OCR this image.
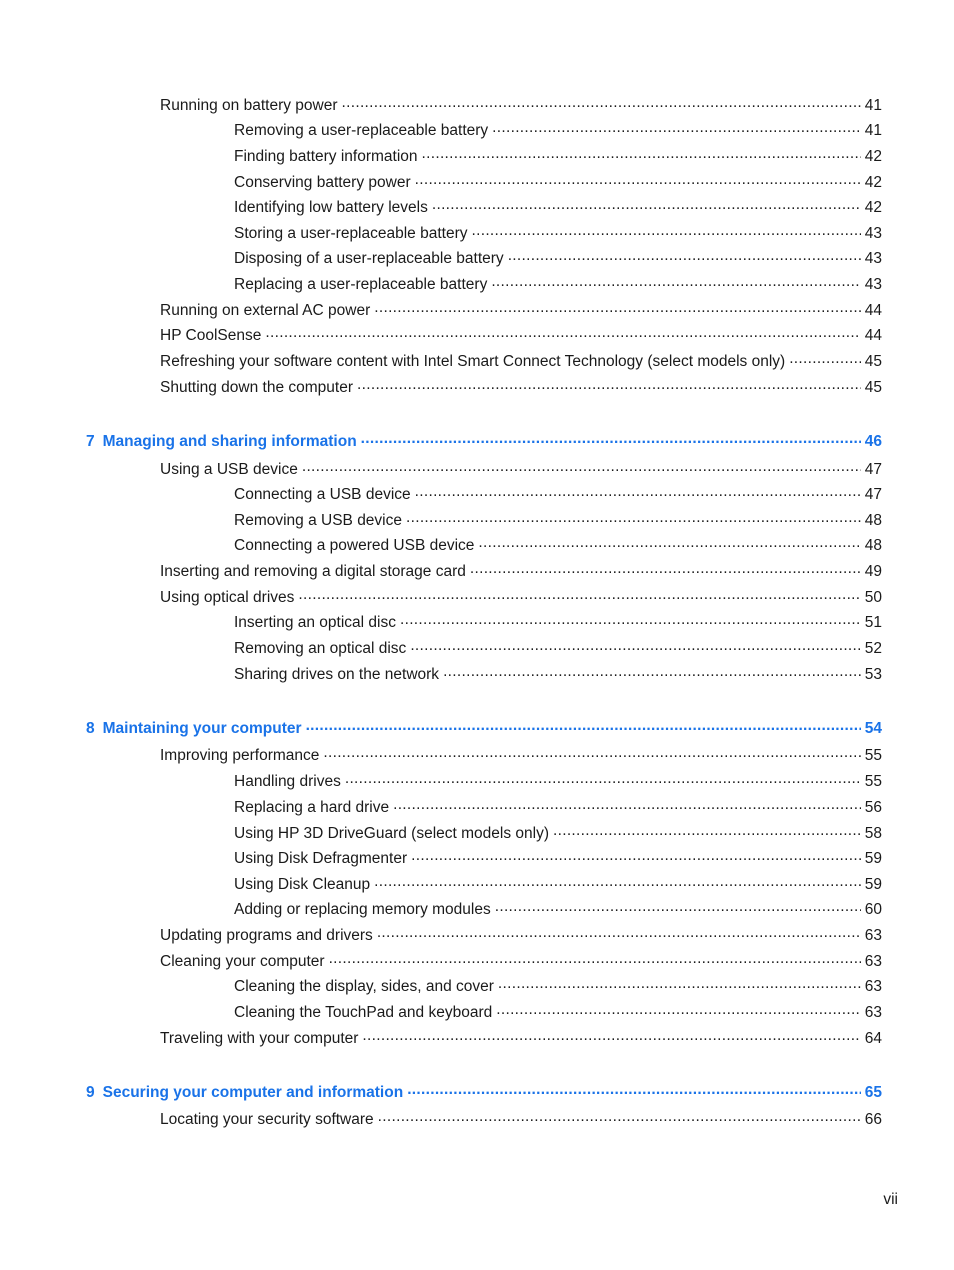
Running on battery power .....	41
Removing a user-replaceable battery .....	41
Finding battery information .....	42
Conserving battery power .....	42
Identifying low battery levels .....	42
Storing a user-replaceable battery .....	43
Disposing of a user-replaceable battery .....	43
Replacing a user-replaceable battery .....	43
Running on external AC power .....	44
HP CoolSense .....	44
Refreshing your software content with Intel Smart Connect Technology (select models only) .....	45
Shutting down the computer .....	45
7 Managing and sharing information .....	46
Using a USB device .....	47
Connecting a USB device .....	47
Removing a USB device .....	48
Connecting a powered USB device .....	48
Inserting and removing a digital storage card .....	49
Using optical drives .....	50
Inserting an optical disc .....	51
Removing an optical disc .....	52
Sharing drives on the network .....	53
8 Maintaining your computer .....	54
Improving performance .....	55
Handling drives .....	55
Replacing a hard drive .....	56
Using HP 3D DriveGuard (select models only) .....	58
Using Disk Defragmenter .....	59
Using Disk Cleanup .....	59
Adding or replacing memory modules .....	60
Updating programs and drivers .....	63
Cleaning your computer .....	63
Cleaning the display, sides, and cover .....	63
Cleaning the TouchPad and keyboard .....	63
Traveling with your computer .....	64
9 Securing your computer and information .....	65
Locating your security software .....	66
vii
